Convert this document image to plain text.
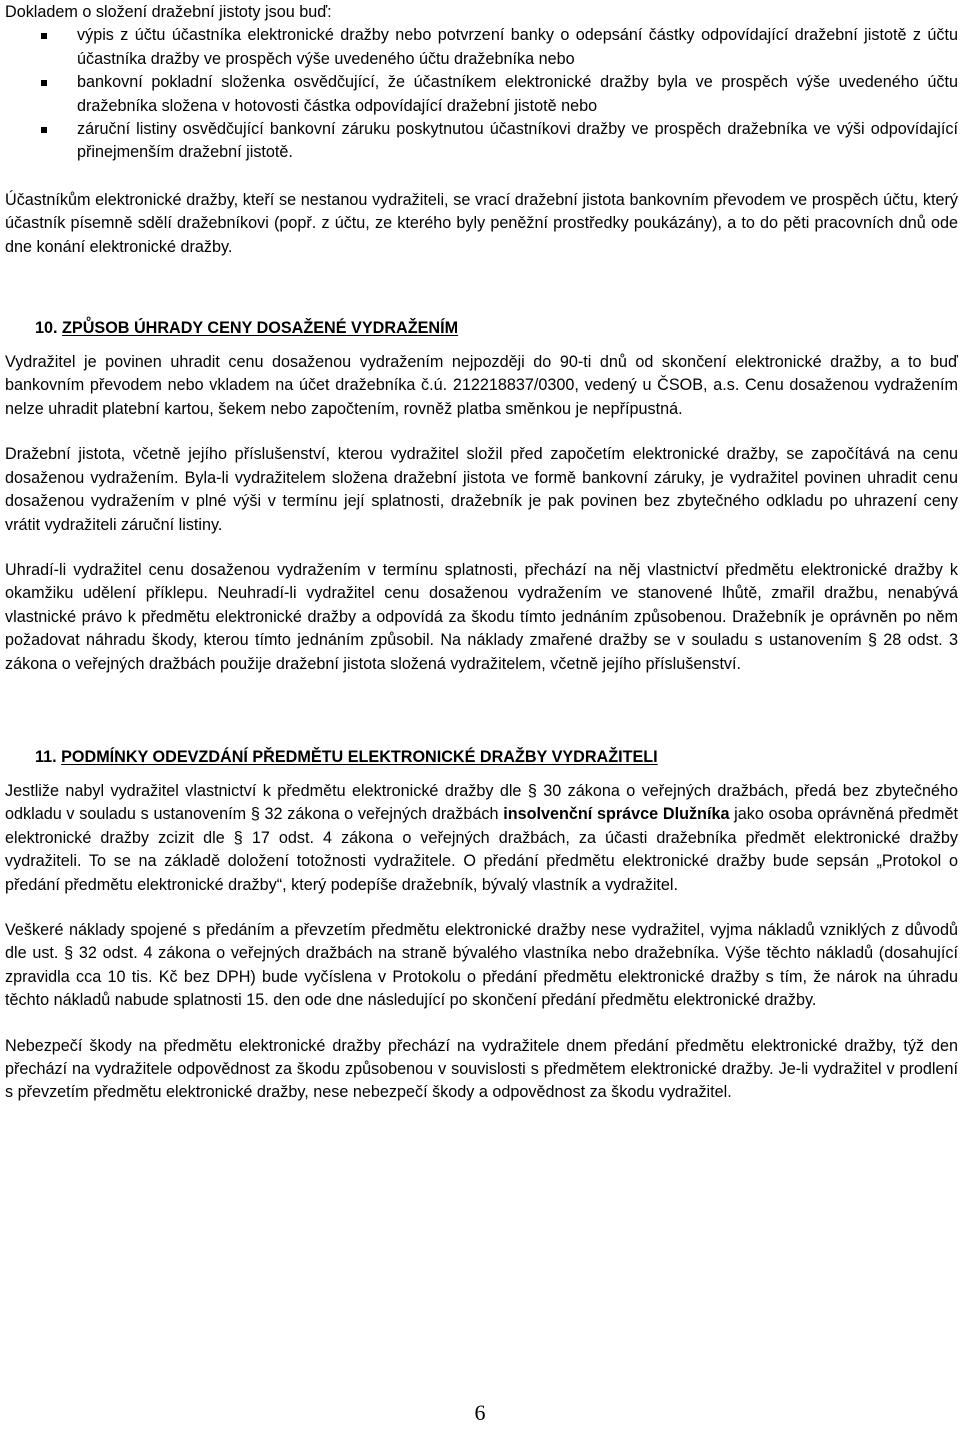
Dokladem o složení dražební jistoty jsou buď:

výpis z účtu účastníka elektronické dražby nebo potvrzení banky o odepsání částky odpovídající dražební jistotě z účtu účastníka dražby ve prospěch výše uvedeného účtu dražebníka nebo
bankovní pokladní složenka osvědčující, že účastníkem elektronické dražby byla ve prospěch výše uvedeného účtu dražebníka složena v hotovosti částka odpovídající dražební jistotě nebo
záruční listiny osvědčující bankovní záruku poskytnutou účastníkovi dražby ve prospěch dražebníka ve výši odpovídající přinejmenším dražební jistotě.

Účastníkům elektronické dražby, kteří se nestanou vydražiteli, se vrací dražební jistota bankovním převodem ve prospěch účtu, který účastník písemně sdělí dražebníkovi (popř. z účtu, ze kterého byly peněžní prostředky poukázány), a to do pěti pracovních dnů ode dne konání elektronické dražby.

10. ZPŮSOB ÚHRADY CENY DOSAŽENÉ VYDRAŽENÍM

Vydražitel je povinen uhradit cenu dosaženou vydražením nejpozději do 90-ti dnů od skončení elektronické dražby, a to buď bankovním převodem nebo vkladem na účet dražebníka č.ú. 212218837/0300, vedený u ČSOB, a.s. Cenu dosaženou vydražením nelze uhradit platební kartou, šekem nebo započtením, rovněž platba směnkou je nepřípustná.

Dražební jistota, včetně jejího příslušenství, kterou vydražitel složil před započetím elektronické dražby, se započítává na cenu dosaženou vydražením. Byla-li vydražitelem složena dražební jistota ve formě bankovní záruky, je vydražitel povinen uhradit cenu dosaženou vydražením v plné výši v termínu její splatnosti, dražebník je pak povinen bez zbytečného odkladu po uhrazení ceny vrátit vydražiteli záruční listiny.

Uhradí-li vydražitel cenu dosaženou vydražením v termínu splatnosti, přechází na něj vlastnictví předmětu elektronické dražby k okamžiku udělení příklepu. Neuhradí-li vydražitel cenu dosaženou vydražením ve stanovené lhůtě, zmařil dražbu, nenabývá vlastnické právo k předmětu elektronické dražby a odpovídá za škodu tímto jednáním způsobenou. Dražebník je oprávněn po něm požadovat náhradu škody, kterou tímto jednáním způsobil. Na náklady zmařené dražby se v souladu s ustanovením § 28 odst. 3 zákona o veřejných dražbách použije dražební jistota složená vydražitelem, včetně jejího příslušenství.

11. PODMÍNKY ODEVZDÁNÍ PŘEDMĚTU ELEKTRONICKÉ DRAŽBY VYDRAŽITELI

Jestliže nabyl vydražitel vlastnictví k předmětu elektronické dražby dle § 30 zákona o veřejných dražbách, předá bez zbytečného odkladu v souladu s ustanovením § 32 zákona o veřejných dražbách insolvenční správce Dlužníka jako osoba oprávněná předmět elektronické dražby zcizit dle § 17 odst. 4 zákona o veřejných dražbách, za účasti dražebníka předmět elektronické dražby vydražiteli. To se na základě doložení totožnosti vydražitele. O předání předmětu elektronické dražby bude sepsán „Protokol o předání předmětu elektronické dražby“, který podepíše dražebník, bývalý vlastník a vydražitel.

Veškeré náklady spojené s předáním a převzetím předmětu elektronické dražby nese vydražitel, vyjma nákladů vzniklých z důvodů dle ust. § 32 odst. 4 zákona o veřejných dražbách na straně bývalého vlastníka nebo dražebníka. Výše těchto nákladů (dosahující zpravidla cca 10 tis. Kč bez DPH) bude vyčíslena v Protokolu o předání předmětu elektronické dražby s tím, že nárok na úhradu těchto nákladů nabude splatnosti 15. den ode dne následující po skončení předání předmětu elektronické dražby.

Nebezpečí škody na předmětu elektronické dražby přechází na vydražitele dnem předání předmětu elektronické dražby, týž den přechází na vydražitele odpovědnost za škodu způsobenou v souvislosti s předmětem elektronické dražby. Je-li vydražitel v prodlení s převzetím předmětu elektronické dražby, nese nebezpečí škody a odpovědnost za škodu vydražitel.

6
